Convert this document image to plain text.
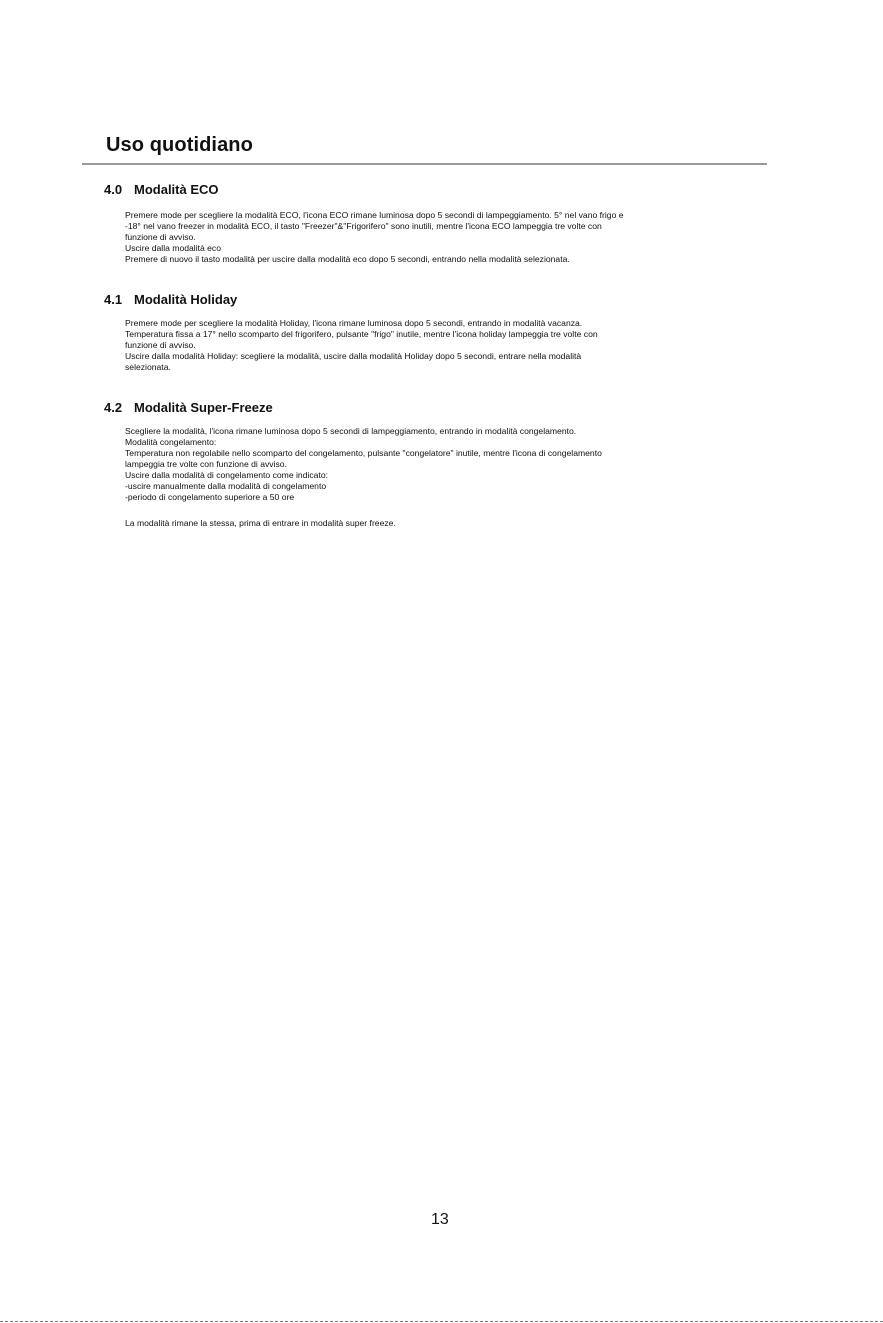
Uso quotidiano
4.0 Modalità ECO

Premere mode per scegliere la modalità ECO, l'icona ECO rimane luminosa dopo 5 secondi di lampeggiamento. 5° nel vano frigo e

-18° nel vano freezer in modalità ECO, il tasto "Freezer"&"Frigorifero" sono inutili, mentre l'icona ECO lampeggia tre volte con

funzione di avviso.

Uscire dalla modalità eco

Premere di nuovo il tasto modalità per uscire dalla modalità eco dopo 5 secondi, entrando nella modalità selezionata.

4.1 Modalità Holiday

Premere mode per scegliere la modalità Holiday, l'icona rimane luminosa dopo 5 secondi, entrando in modalità vacanza.

Temperatura fissa a 17° nello scomparto del frigorifero, pulsante "frigo" inutile, mentre l'icona holiday lampeggia tre volte con

funzione di avviso.

Uscire dalla modalità Holiday: scegliere la modalità, uscire dalla modalità Holiday dopo 5 secondi, entrare nella modalità

selezionata.

4.2 Modalità Super-Freeze

Scegliere la modalità, l'icona rimane luminosa dopo 5 secondi di lampeggiamento, entrando in modalità congelamento.

Modalità congelamento:

Temperatura non regolabile nello scomparto del congelamento, pulsante "congelatore" inutile, mentre l'icona di congelamento

lampeggia tre volte con funzione di avviso.

Uscire dalla modalità di congelamento come indicato:

-uscire manualmente dalla modalità di congelamento

-periodo di congelamento superiore a 50 ore

La modalità rimane la stessa, prima di entrare in modalità super freeze.

13
